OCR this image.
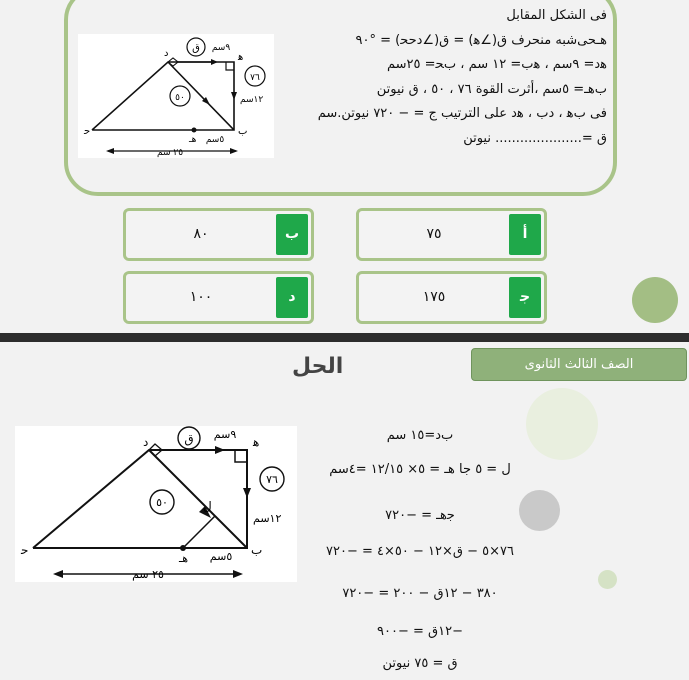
ق
٧٦
٥٠
ﺩ	ﻫ
ﺣ	ﺏ
ﻫـ
٩سم
١٢سم
٥سم
٢٥ سم
فى الشكل المقابل
ﻫـﺤﻰﺷﺒﻪ منحرف ق(∠ﻫ) = ق(∠ﺩﺣﺤ) = °٩٠
ﻫﺩ= ٩سم ، ﻫﺏ= ١٢ سم ، ﺏﺤ= ٢٥سم
ﺏﻫـ= ٥سم ،أثرت القوة ٧٦ ، ٥٠ ، ق نيوتن
فى ﺏﻫ ، ﺩﺏ ، ﻫﺩ على الترتيب ج = − ٧٢٠ نيوتن.سم
ق =..................... نيوتن
٧٥	أ
٨٠	ب
١٧٥	ﺟ
١٠٠	د
الصف الثالث الثانوى
الحل
ق
٧٦
٥٠
ﺩ	ﻫ
ﺣ	ﺏ
ﻫـ
ﻝ
٩سم
١٢سم
٥سم
٢٥ سم
ﺏﺩ=١٥ سم
ﻝ = ٥ جا ﻫـ = ٥× ١٢/١٥ =٤سم
ﺟﻫـ = −٧٢٠
٧٦×٥ − ق×١٢ − ٥٠×٤ = −٧٢٠
٣٨٠ − ١٢ق − ٢٠٠ = −٧٢٠
−١٢ق = −٩٠٠
ق = ٧٥ نيوتن
